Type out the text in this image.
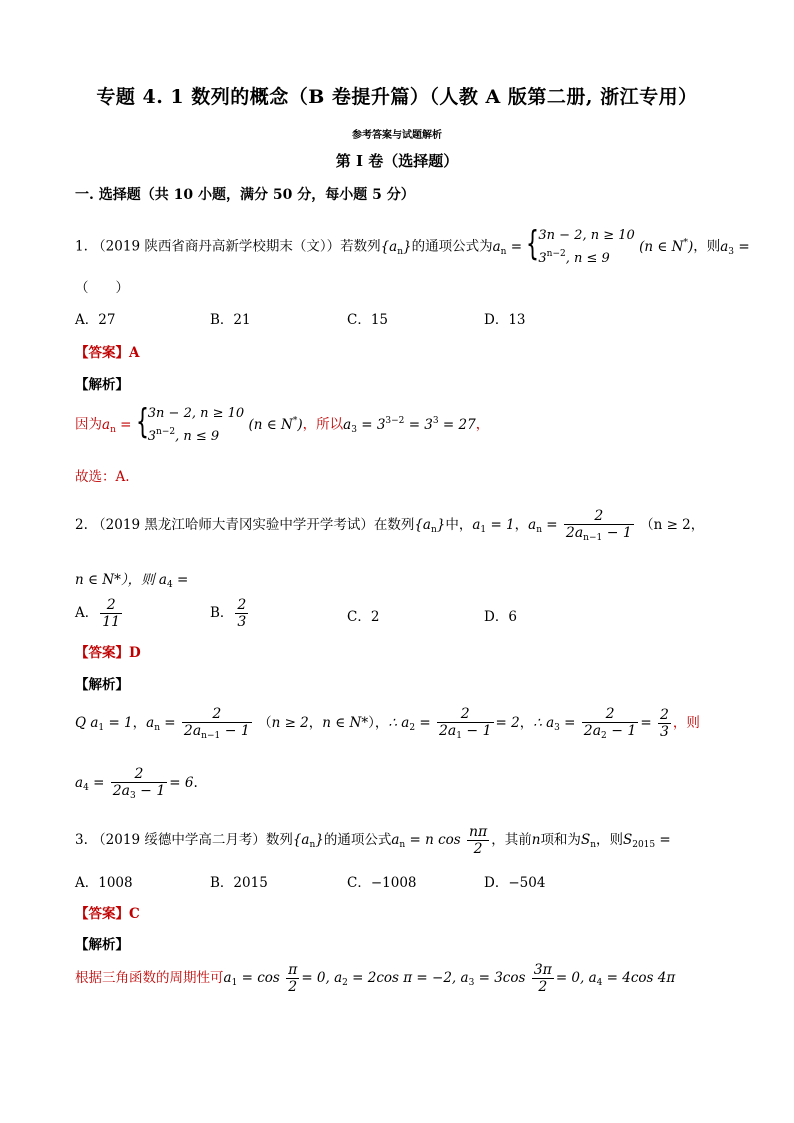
专题 4. 1 数列的概念（B 卷提升篇）（人教 A 版第二册, 浙江专用）
参考答案与试题解析
第 I 卷（选择题）
一. 选择题（共 10 小题，满分 50 分，每小题 5 分）
1. （2019 陕西省商丹高新学校期末（文））若数列$\{a_n\}$的通项公式为$a_n$ = { 3n − 2, n ≥ 10
$3^{n-2}$, n ≤ 9 (n ∈ N*)，则$a_3$ =
（　　）
A．27	B．21	C．15	D．13
【答案】A
【解析】
因为$a_n$ = { 3n − 2, n ≥ 10
$3^{n-2}$, n ≤ 9 (n ∈ N*)，所以$a_3 = 3^{3-2} = 3^3 = 27$，
故选：A.
2. （2019 黑龙江哈师大青冈实验中学开学考试）在数列$\{a_n\}$中，$a_1 = 1$，$a_n = \frac{2}{2a_{n-1} - 1} (n \ge 2$，
n ∈ N*），则 $a_4$ =
A． $\frac{2}{11}$	B． $\frac{2}{3}$	C．2	D．6
【答案】D
【解析】
Q $a_1 = 1$，$a_n = \frac{2}{2a_{n-1} - 1} (n \ge 2$，n ∈ N*），∴ $a_2 = \frac{2}{2a_1 - 1} = 2$，∴ $a_3 = \frac{2}{2a_2 - 1} = \frac{2}{3}$ ，则
$a_4 = \frac{2}{2a_3 - 1} = 6$.
3. （2019 绥德中学高二月考）数列$\{a_n\}$的通项公式$a_n = n$ $\cos \frac{n\pi}{2}$ ，其前n项和为$S_n$，则$S_{2015}$ =
A．1008	B．2015	C．−1008	D．−504
【答案】C
【解析】
根据三角函数的周期性可$a_1 = \cos \frac{\pi}{2} = 0$, $a_2 = 2\cos$ π = −2, $a_3 = 3\cos \frac{3\pi}{2} = 0$, $a_4 = 4\cos$ 4π
